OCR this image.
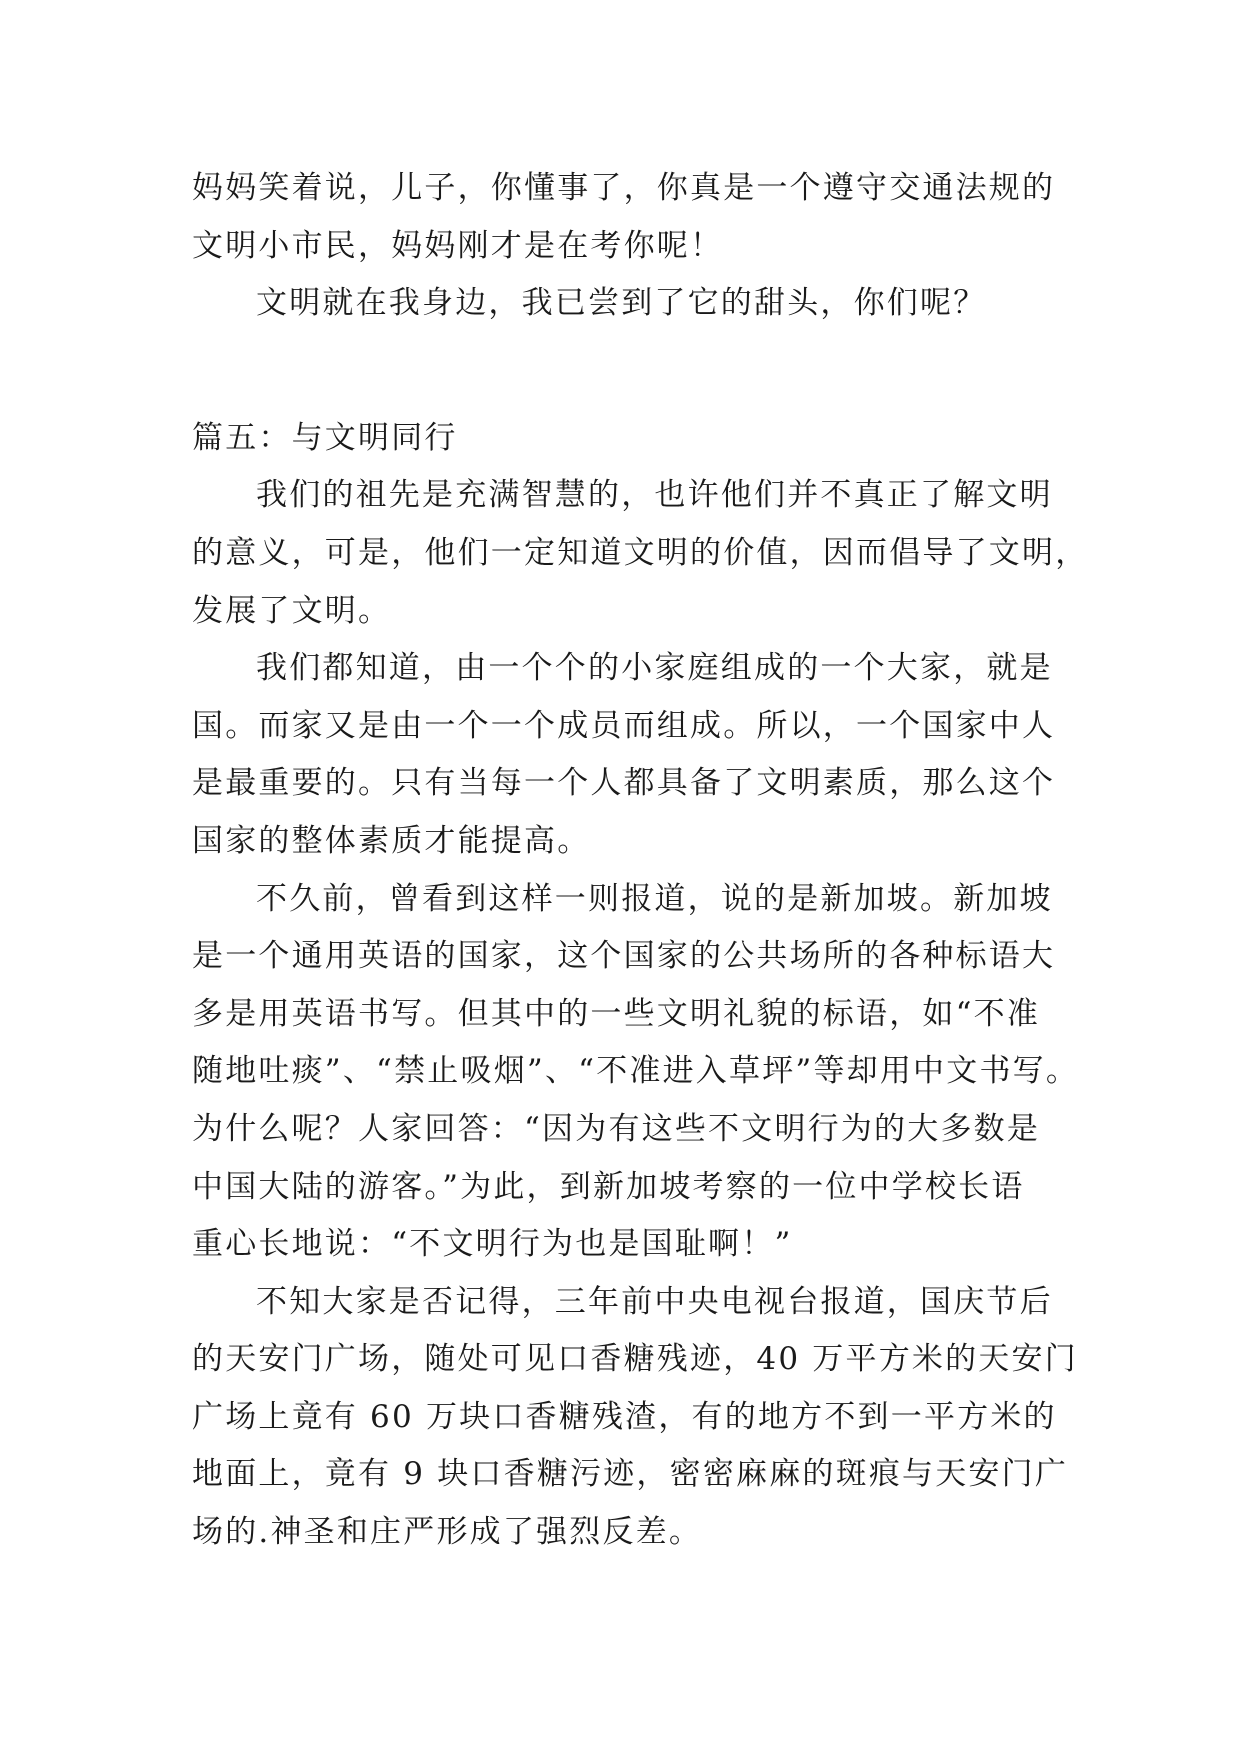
妈妈笑着说，儿子，你懂事了，你真是一个遵守交通法规的

文明小市民，妈妈刚才是在考你呢！

文明就在我身边，我已尝到了它的甜头，你们呢？

篇五：与文明同行

我们的祖先是充满智慧的，也许他们并不真正了解文明

的意义，可是，他们一定知道文明的价值，因而倡导了文明，

发展了文明。

我们都知道，由一个个的小家庭组成的一个大家，就是

国。而家又是由一个一个成员而组成。所以，一个国家中人

是最重要的。只有当每一个人都具备了文明素质，那么这个

国家的整体素质才能提高。

不久前，曾看到这样一则报道，说的是新加坡。新加坡

是一个通用英语的国家，这个国家的公共场所的各种标语大

多是用英语书写。但其中的一些文明礼貌的标语，如“不准

随地吐痰”、“禁止吸烟”、“不准进入草坪”等却用中文书写。

为什么呢？人家回答：“因为有这些不文明行为的大多数是

中国大陆的游客。”为此，到新加坡考察的一位中学校长语

重心长地说：“不文明行为也是国耻啊！”

不知大家是否记得，三年前中央电视台报道，国庆节后

的天安门广场，随处可见口香糖残迹，40 万平方米的天安门

广场上竟有 60 万块口香糖残渣，有的地方不到一平方米的

地面上，竟有 9 块口香糖污迹，密密麻麻的斑痕与天安门广

场的.神圣和庄严形成了强烈反差。
